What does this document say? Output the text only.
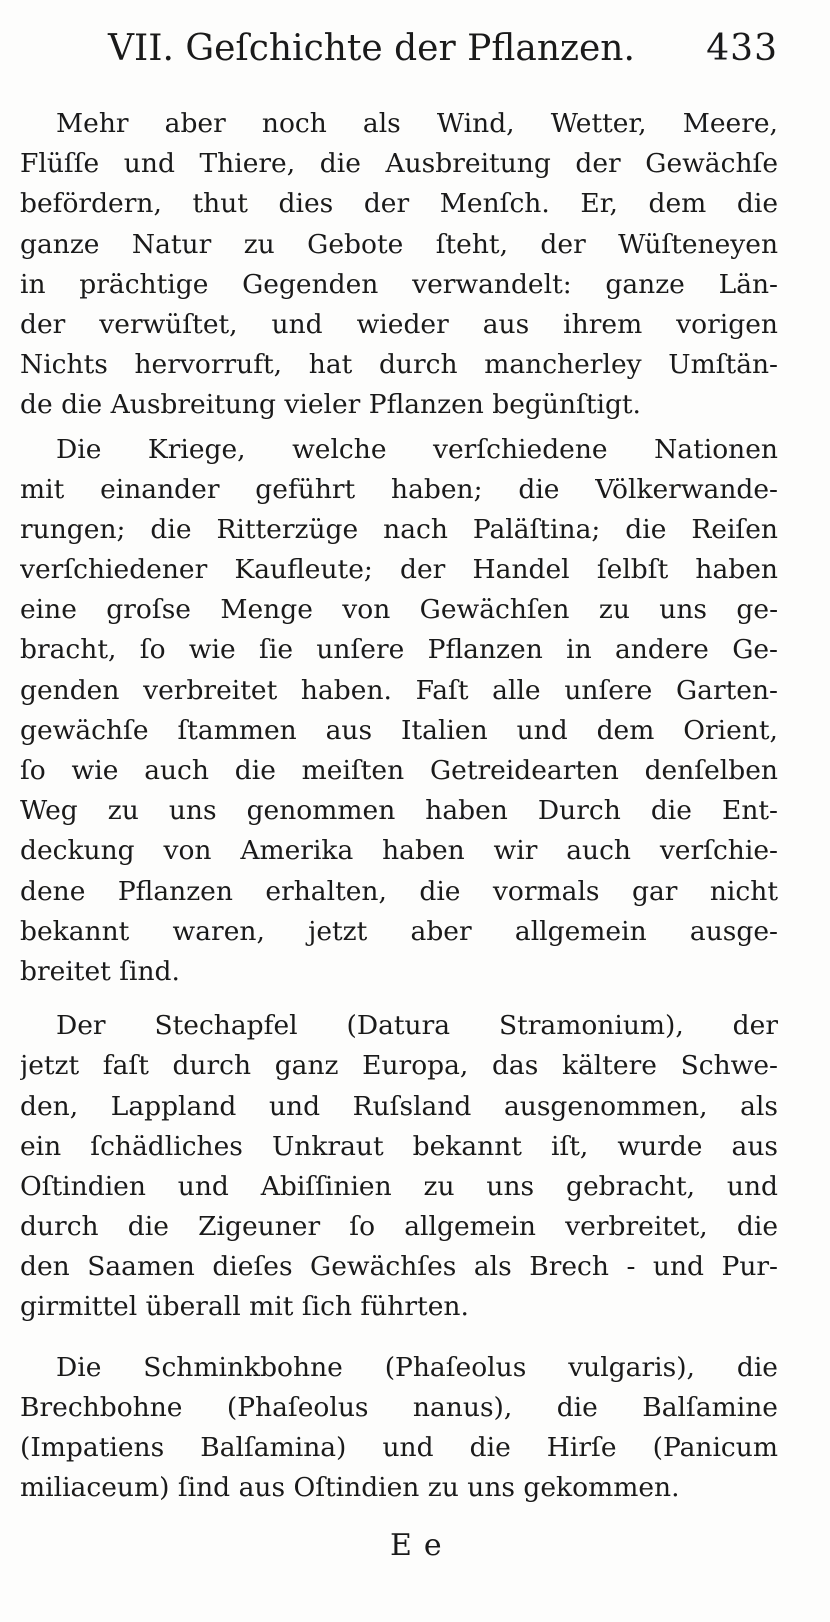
VII. Geſchichte der Pflanzen. 433
Mehr aber noch als Wind, Wetter, Meere,
Flüſſe und Thiere, die Ausbreitung der Gewächſe
befördern, thut dies der Menſch. Er, dem die
ganze Natur zu Gebote ſteht, der Wüſteneyen
in prächtige Gegenden verwandelt: ganze Län-
der verwüſtet, und wieder aus ihrem vorigen
Nichts hervorruft, hat durch mancherley Umſtän-
de die Ausbreitung vieler Pflanzen begünſtigt.
Die Kriege, welche verſchiedene Nationen
mit einander geführt haben; die Völkerwande-
rungen; die Ritterzüge nach Paläſtina; die Reiſen
verſchiedener Kaufleute; der Handel ſelbſt haben
eine groſse Menge von Gewächſen zu uns ge-
bracht, ſo wie ſie unſere Pflanzen in andere Ge-
genden verbreitet haben. Faſt alle unſere Garten-
gewächſe ſtammen aus Italien und dem Orient,
ſo wie auch die meiſten Getreidearten denſelben
Weg zu uns genommen haben Durch die Ent-
deckung von Amerika haben wir auch verſchie-
dene Pflanzen erhalten, die vormals gar nicht
bekannt waren, jetzt aber allgemein ausge-
breitet ſind.
Der Stechapfel (Datura Stramonium), der
jetzt faſt durch ganz Europa, das kältere Schwe-
den, Lappland und Ruſsland ausgenommen, als
ein ſchädliches Unkraut bekannt iſt, wurde aus
Oſtindien und Abiſſinien zu uns gebracht, und
durch die Zigeuner ſo allgemein verbreitet, die
den Saamen dieſes Gewächſes als Brech - und Pur-
girmittel überall mit ſich führten.
Die Schminkbohne (Phaſeolus vulgaris), die
Brechbohne (Phaſeolus nanus), die Balſamine
(Impatiens Balſamina) und die Hirſe (Panicum
miliaceum) ſind aus Oſtindien zu uns gekommen.
Ee
